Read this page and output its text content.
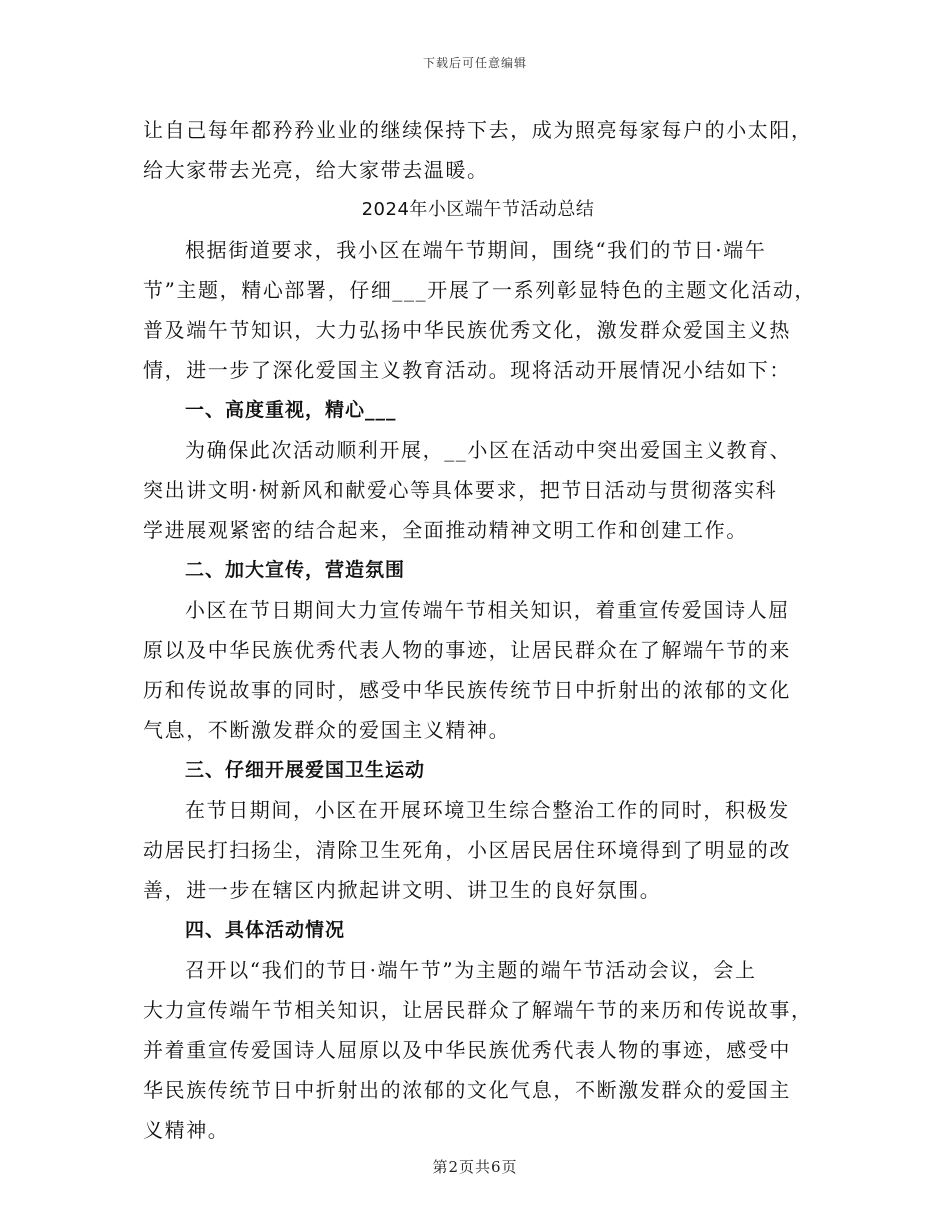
下载后可任意编辑
让自己每年都矜矜业业的继续保持下去，成为照亮每家每户的小太阳，
给大家带去光亮，给大家带去温暖。
2024年小区端午节活动总结
根据街道要求，我小区在端午节期间，围绕“我们的节日·端午
节”主题，精心部署，仔细___开展了一系列彰显特色的主题文化活动，
普及端午节知识，大力弘扬中华民族优秀文化，激发群众爱国主义热
情，进一步了深化爱国主义教育活动。现将活动开展情况小结如下：
一、高度重视，精心___
为确保此次活动顺利开展，__小区在活动中突出爱国主义教育、
突出讲文明·树新风和献爱心等具体要求，把节日活动与贯彻落实科
学进展观紧密的结合起来，全面推动精神文明工作和创建工作。
二、加大宣传，营造氛围
小区在节日期间大力宣传端午节相关知识，着重宣传爱国诗人屈
原以及中华民族优秀代表人物的事迹，让居民群众在了解端午节的来
历和传说故事的同时，感受中华民族传统节日中折射出的浓郁的文化
气息，不断激发群众的爱国主义精神。
三、仔细开展爱国卫生运动
在节日期间，小区在开展环境卫生综合整治工作的同时，积极发
动居民打扫扬尘，清除卫生死角，小区居民居住环境得到了明显的改
善，进一步在辖区内掀起讲文明、讲卫生的良好氛围。
四、具体活动情况
召开以“我们的节日·端午节”为主题的端午节活动会议，会上
大力宣传端午节相关知识，让居民群众了解端午节的来历和传说故事，
并着重宣传爱国诗人屈原以及中华民族优秀代表人物的事迹，感受中
华民族传统节日中折射出的浓郁的文化气息，不断激发群众的爱国主
义精神。
第2页共6页
